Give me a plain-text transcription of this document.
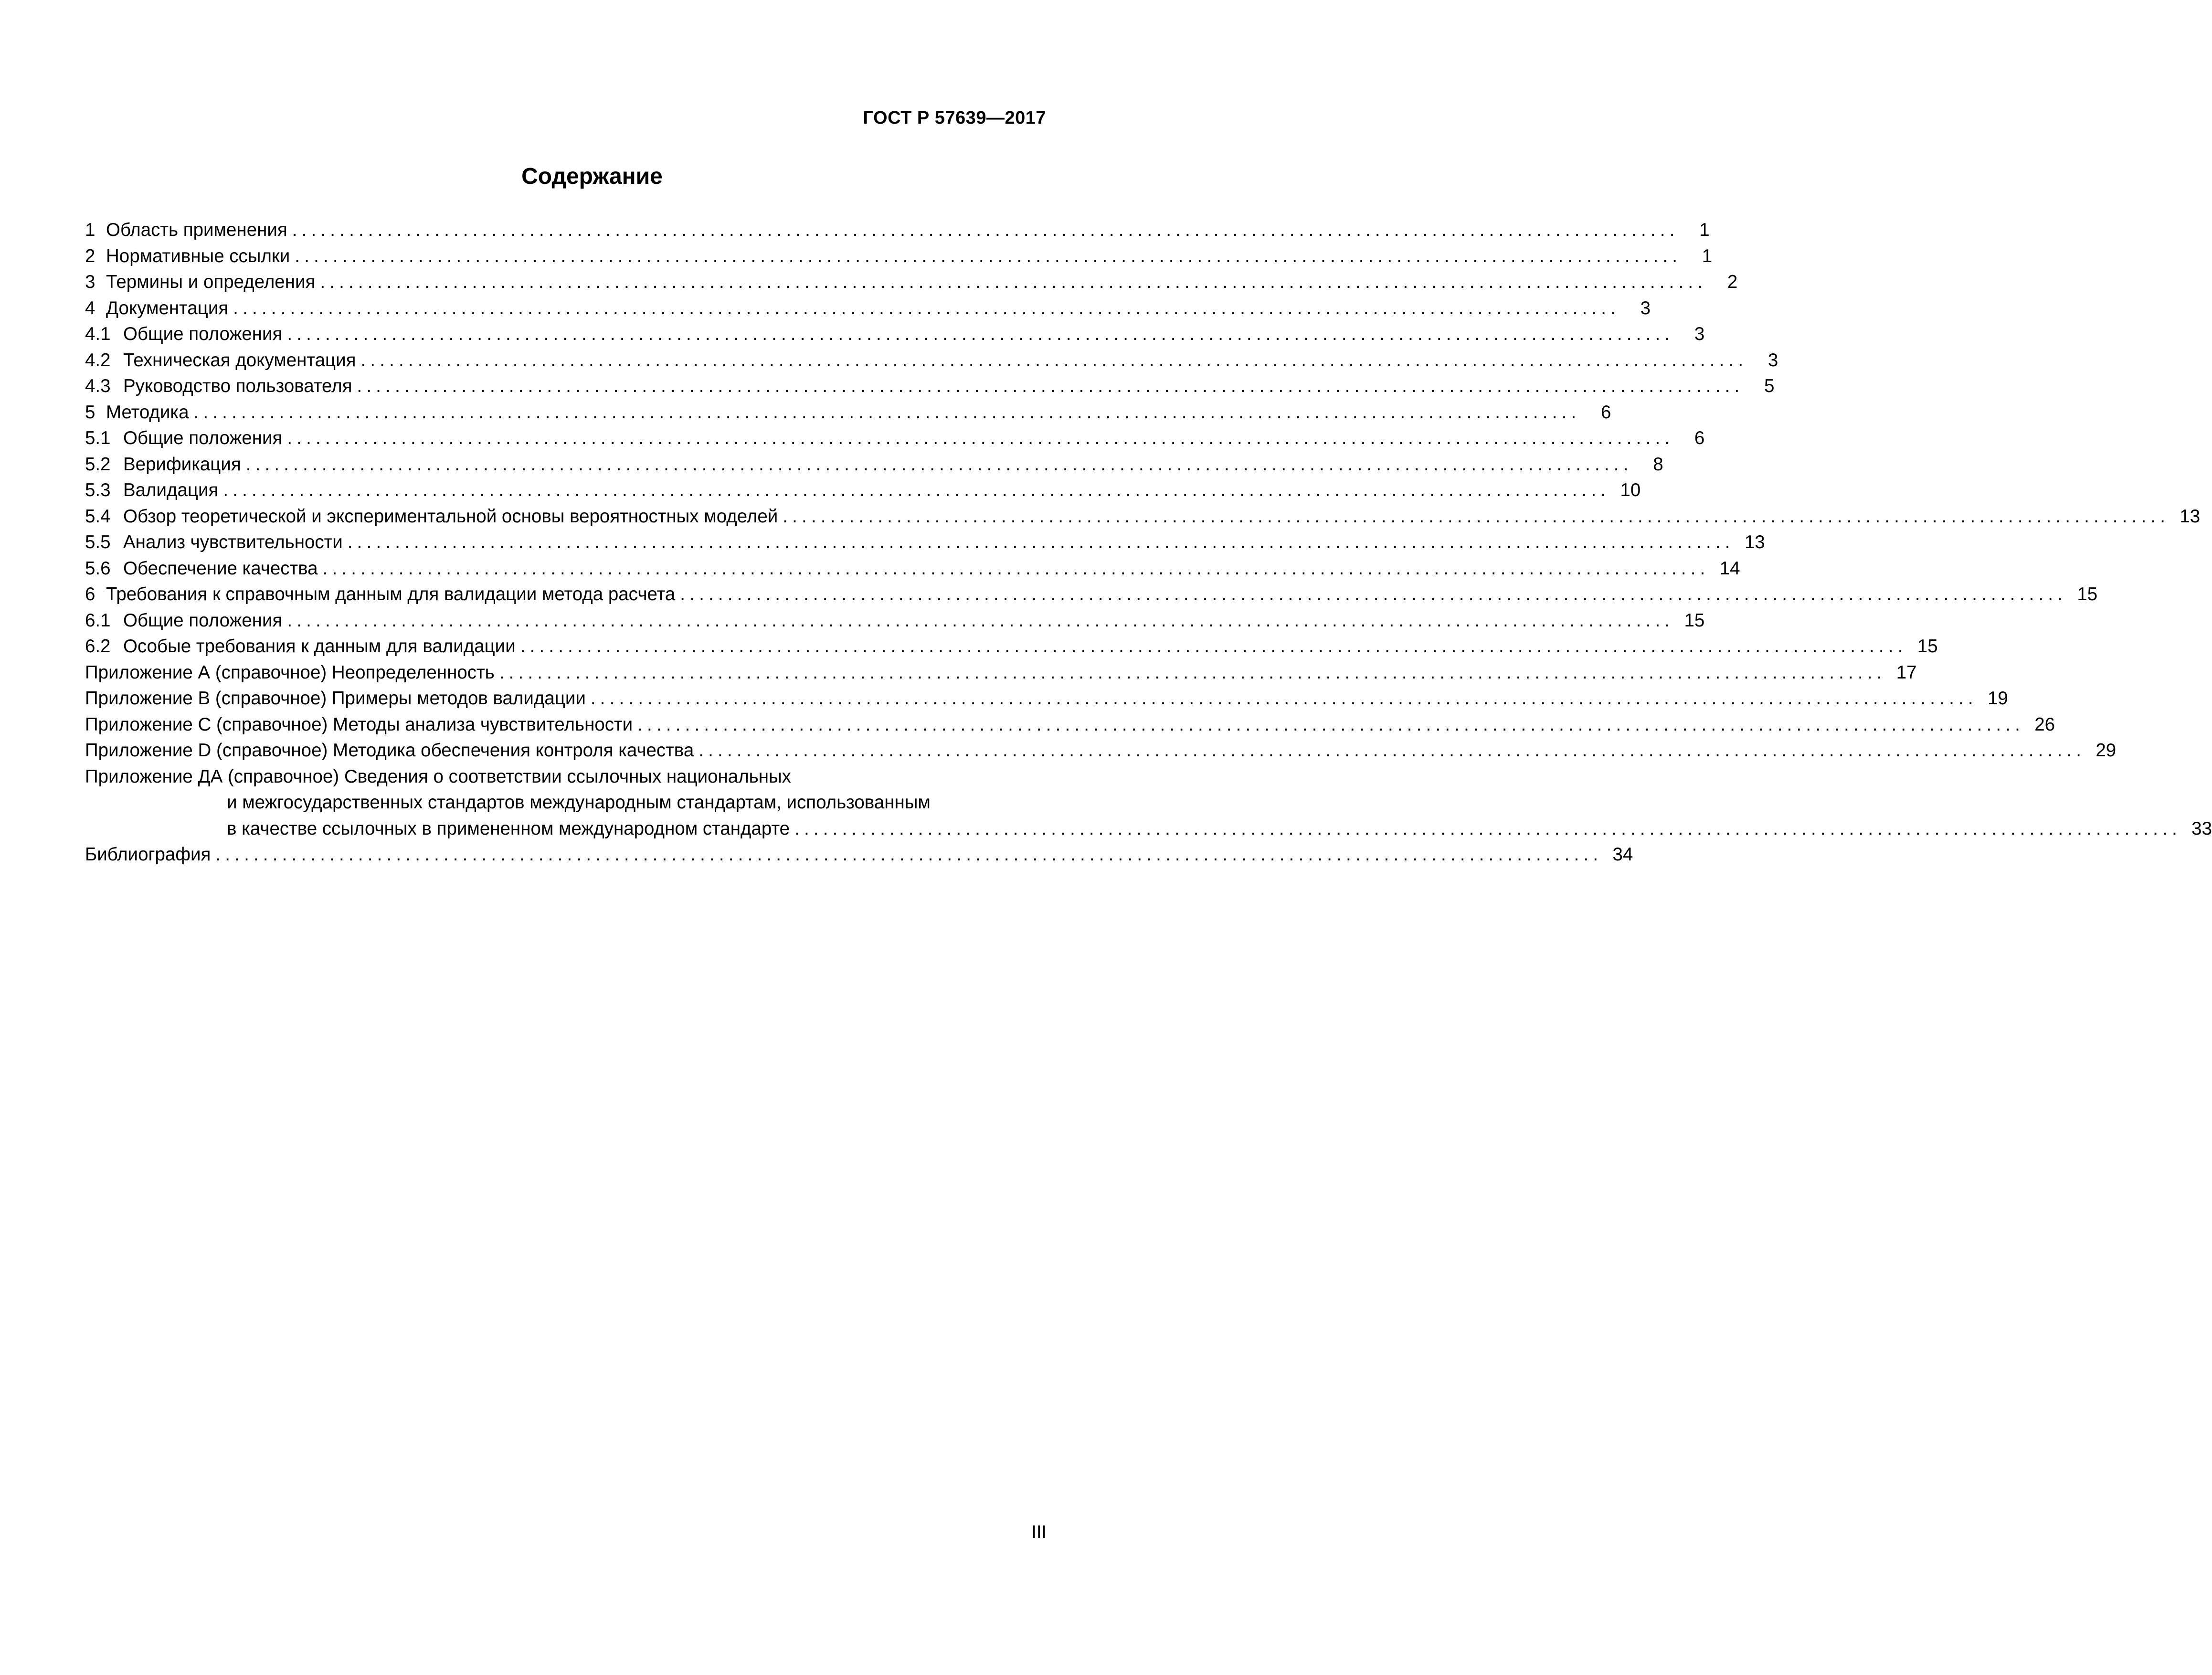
ГОСТ Р 57639—2017
Содержание
1 Область применения ..................................................................................................................................................	1
2 Нормативные ссылки ..................................................................................................................................................	1
3 Термины и определения ..................................................................................................................................................	2
4 Документация ..................................................................................................................................................	3
4.1 Общие положения ..................................................................................................................................................	3
4.2 Техническая документация ..................................................................................................................................................	3
4.3 Руководство пользователя ..................................................................................................................................................	5
5 Методика ..................................................................................................................................................	6
5.1 Общие положения ..................................................................................................................................................	6
5.2 Верификация ..................................................................................................................................................	8
5.3 Валидация .................................................................................................................................................. 10
5.4 Обзор теоретической и экспериментальной основы вероятностных моделей .................................................................................................................................................. 13
5.5 Анализ чувствительности .................................................................................................................................................. 13
5.6 Обеспечение качества .................................................................................................................................................. 14
6 Требования к справочным данным для валидации метода расчета .................................................................................................................................................. 15
6.1 Общие положения .................................................................................................................................................. 15
6.2 Особые требования к данным для валидации .................................................................................................................................................. 15
Приложение А (справочное) Неопределенность .................................................................................................................................................. 17
Приложение В (справочное) Примеры методов валидации .................................................................................................................................................. 19
Приложение С (справочное) Методы анализа чувствительности .................................................................................................................................................. 26
Приложение D (справочное) Методика обеспечения контроля качества .................................................................................................................................................. 29
Приложение ДА (справочное) Сведения о соответствии ссылочных национальных
и межгосударственных стандартов международным стандартам, использованным
в качестве ссылочных в примененном международном стандарте .................................................................................................................................................. 33
Библиография .................................................................................................................................................. 34
III
